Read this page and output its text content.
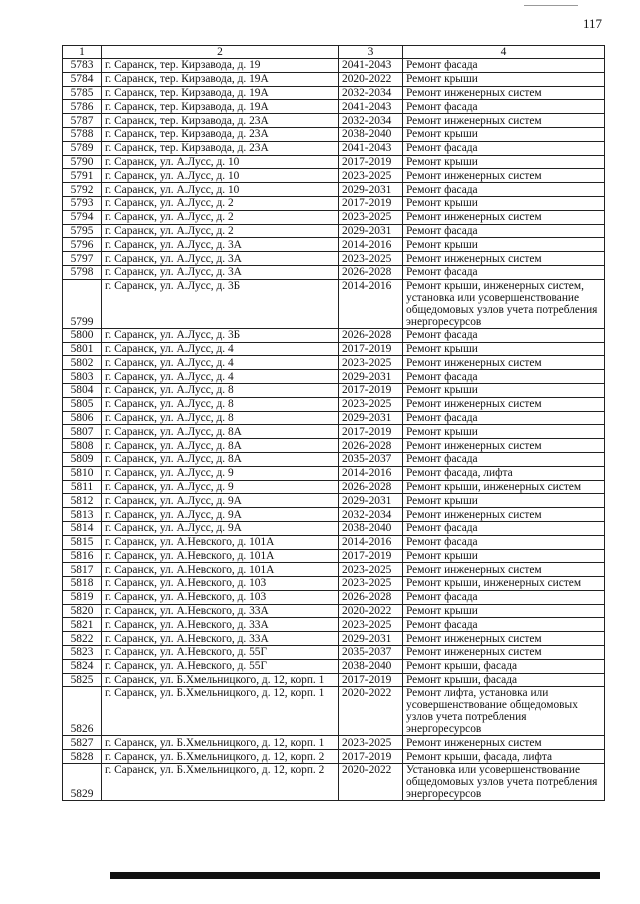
117
1	2	3	4
5783	г. Саранск, тер. Кирзавода, д. 19	2041-2043	Ремонт фасада
5784	г. Саранск, тер. Кирзавода, д. 19А	2020-2022	Ремонт крыши
5785	г. Саранск, тер. Кирзавода, д. 19А	2032-2034	Ремонт инженерных систем
5786	г. Саранск, тер. Кирзавода, д. 19А	2041-2043	Ремонт фасада
5787	г. Саранск, тер. Кирзавода, д. 23А	2032-2034	Ремонт инженерных систем
5788	г. Саранск, тер. Кирзавода, д. 23А	2038-2040	Ремонт крыши
5789	г. Саранск, тер. Кирзавода, д. 23А	2041-2043	Ремонт фасада
5790	г. Саранск, ул. А.Лусс, д. 10	2017-2019	Ремонт крыши
5791	г. Саранск, ул. А.Лусс, д. 10	2023-2025	Ремонт инженерных систем
5792	г. Саранск, ул. А.Лусс, д. 10	2029-2031	Ремонт фасада
5793	г. Саранск, ул. А.Лусс, д. 2	2017-2019	Ремонт крыши
5794	г. Саранск, ул. А.Лусс, д. 2	2023-2025	Ремонт инженерных систем
5795	г. Саранск, ул. А.Лусс, д. 2	2029-2031	Ремонт фасада
5796	г. Саранск, ул. А.Лусс, д. 3А	2014-2016	Ремонт крыши
5797	г. Саранск, ул. А.Лусс, д. 3А	2023-2025	Ремонт инженерных систем
5798	г. Саранск, ул. А.Лусс, д. 3А	2026-2028	Ремонт фасада
5799	г. Саранск, ул. А.Лусс, д. 3Б	2014-2016	Ремонт крыши, инженерных систем, установка или усовершенствование общедомовых узлов учета потребления энергоресурсов
5800	г. Саранск, ул. А.Лусс, д. 3Б	2026-2028	Ремонт фасада
5801	г. Саранск, ул. А.Лусс, д. 4	2017-2019	Ремонт крыши
5802	г. Саранск, ул. А.Лусс, д. 4	2023-2025	Ремонт инженерных систем
5803	г. Саранск, ул. А.Лусс, д. 4	2029-2031	Ремонт фасада
5804	г. Саранск, ул. А.Лусс, д. 8	2017-2019	Ремонт крыши
5805	г. Саранск, ул. А.Лусс, д. 8	2023-2025	Ремонт инженерных систем
5806	г. Саранск, ул. А.Лусс, д. 8	2029-2031	Ремонт фасада
5807	г. Саранск, ул. А.Лусс, д. 8А	2017-2019	Ремонт крыши
5808	г. Саранск, ул. А.Лусс, д. 8А	2026-2028	Ремонт инженерных систем
5809	г. Саранск, ул. А.Лусс, д. 8А	2035-2037	Ремонт фасада
5810	г. Саранск, ул. А.Лусс, д. 9	2014-2016	Ремонт фасада, лифта
5811	г. Саранск, ул. А.Лусс, д. 9	2026-2028	Ремонт крыши, инженерных систем
5812	г. Саранск, ул. А.Лусс, д. 9А	2029-2031	Ремонт крыши
5813	г. Саранск, ул. А.Лусс, д. 9А	2032-2034	Ремонт инженерных систем
5814	г. Саранск, ул. А.Лусс, д. 9А	2038-2040	Ремонт фасада
5815	г. Саранск, ул. А.Невского, д. 101А	2014-2016	Ремонт фасада
5816	г. Саранск, ул. А.Невского, д. 101А	2017-2019	Ремонт крыши
5817	г. Саранск, ул. А.Невского, д. 101А	2023-2025	Ремонт инженерных систем
5818	г. Саранск, ул. А.Невского, д. 103	2023-2025	Ремонт крыши, инженерных систем
5819	г. Саранск, ул. А.Невского, д. 103	2026-2028	Ремонт фасада
5820	г. Саранск, ул. А.Невского, д. 33А	2020-2022	Ремонт крыши
5821	г. Саранск, ул. А.Невского, д. 33А	2023-2025	Ремонт фасада
5822	г. Саранск, ул. А.Невского, д. 33А	2029-2031	Ремонт инженерных систем
5823	г. Саранск, ул. А.Невского, д. 55Г	2035-2037	Ремонт инженерных систем
5824	г. Саранск, ул. А.Невского, д. 55Г	2038-2040	Ремонт крыши, фасада
5825	г. Саранск, ул. Б.Хмельницкого, д. 12, корп. 1	2017-2019	Ремонт крыши, фасада
5826	г. Саранск, ул. Б.Хмельницкого, д. 12, корп. 1	2020-2022	Ремонт лифта, установка или усовершенствование общедомовых узлов учета потребления энергоресурсов
5827	г. Саранск, ул. Б.Хмельницкого, д. 12, корп. 1	2023-2025	Ремонт инженерных систем
5828	г. Саранск, ул. Б.Хмельницкого, д. 12, корп. 2	2017-2019	Ремонт крыши, фасада, лифта
5829	г. Саранск, ул. Б.Хмельницкого, д. 12, корп. 2	2020-2022	Установка или усовершенствование общедомовых узлов учета потребления энергоресурсов
